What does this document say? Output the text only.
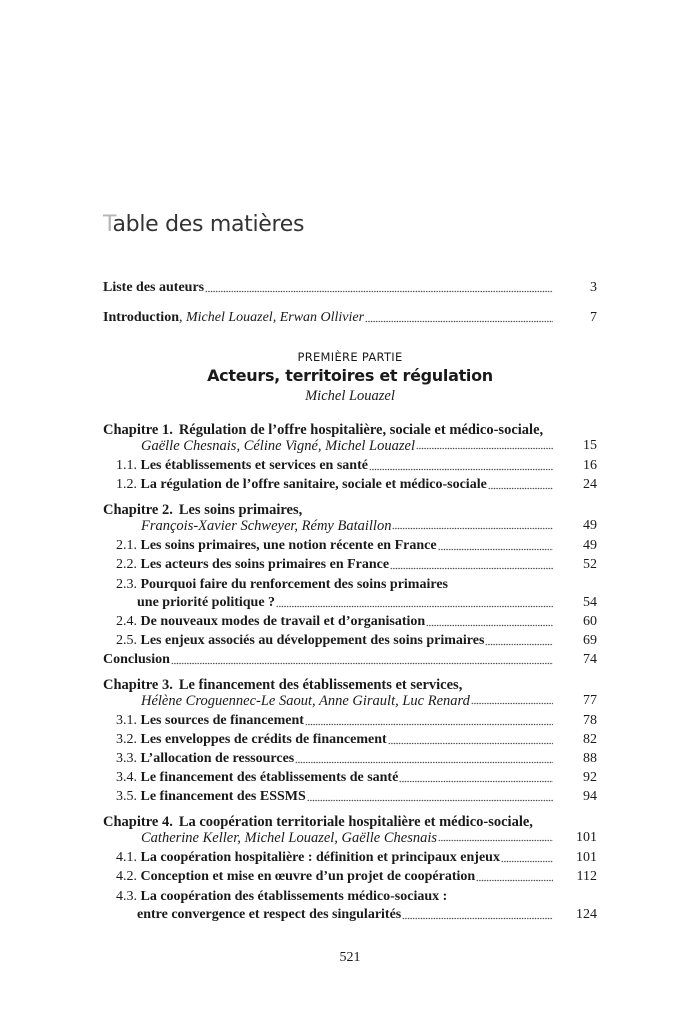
Table des matières
Liste des auteurs	3
Introduction, Michel Louazel, Erwan Ollivier	7
PREMIÈRE PARTIE
Acteurs, territoires et régulation
Michel Louazel
Chapitre 1. Régulation de l’offre hospitalière, sociale et médico-sociale,
Gaëlle Chesnais, Céline Vigné, Michel Louazel	15
1.1. Les établissements et services en santé	16
1.2. La régulation de l’offre sanitaire, sociale et médico-sociale	24
Chapitre 2. Les soins primaires,
François-Xavier Schweyer, Rémy Bataillon	49
2.1. Les soins primaires, une notion récente en France	49
2.2. Les acteurs des soins primaires en France	52
2.3. Pourquoi faire du renforcement des soins primaires
une priorité politique ?	54
2.4. De nouveaux modes de travail et d’organisation	60
2.5. Les enjeux associés au développement des soins primaires	69
Conclusion	74
Chapitre 3. Le financement des établissements et services,
Hélène Croguennec-Le Saout, Anne Girault, Luc Renard	77
3.1. Les sources de financement	78
3.2. Les enveloppes de crédits de financement	82
3.3. L’allocation de ressources	88
3.4. Le financement des établissements de santé	92
3.5. Le financement des ESSMS	94
Chapitre 4. La coopération territoriale hospitalière et médico-sociale,
Catherine Keller, Michel Louazel, Gaëlle Chesnais	101
4.1. La coopération hospitalière : définition et principaux enjeux	101
4.2. Conception et mise en œuvre d’un projet de coopération	112
4.3. La coopération des établissements médico-sociaux :
entre convergence et respect des singularités	124
521
